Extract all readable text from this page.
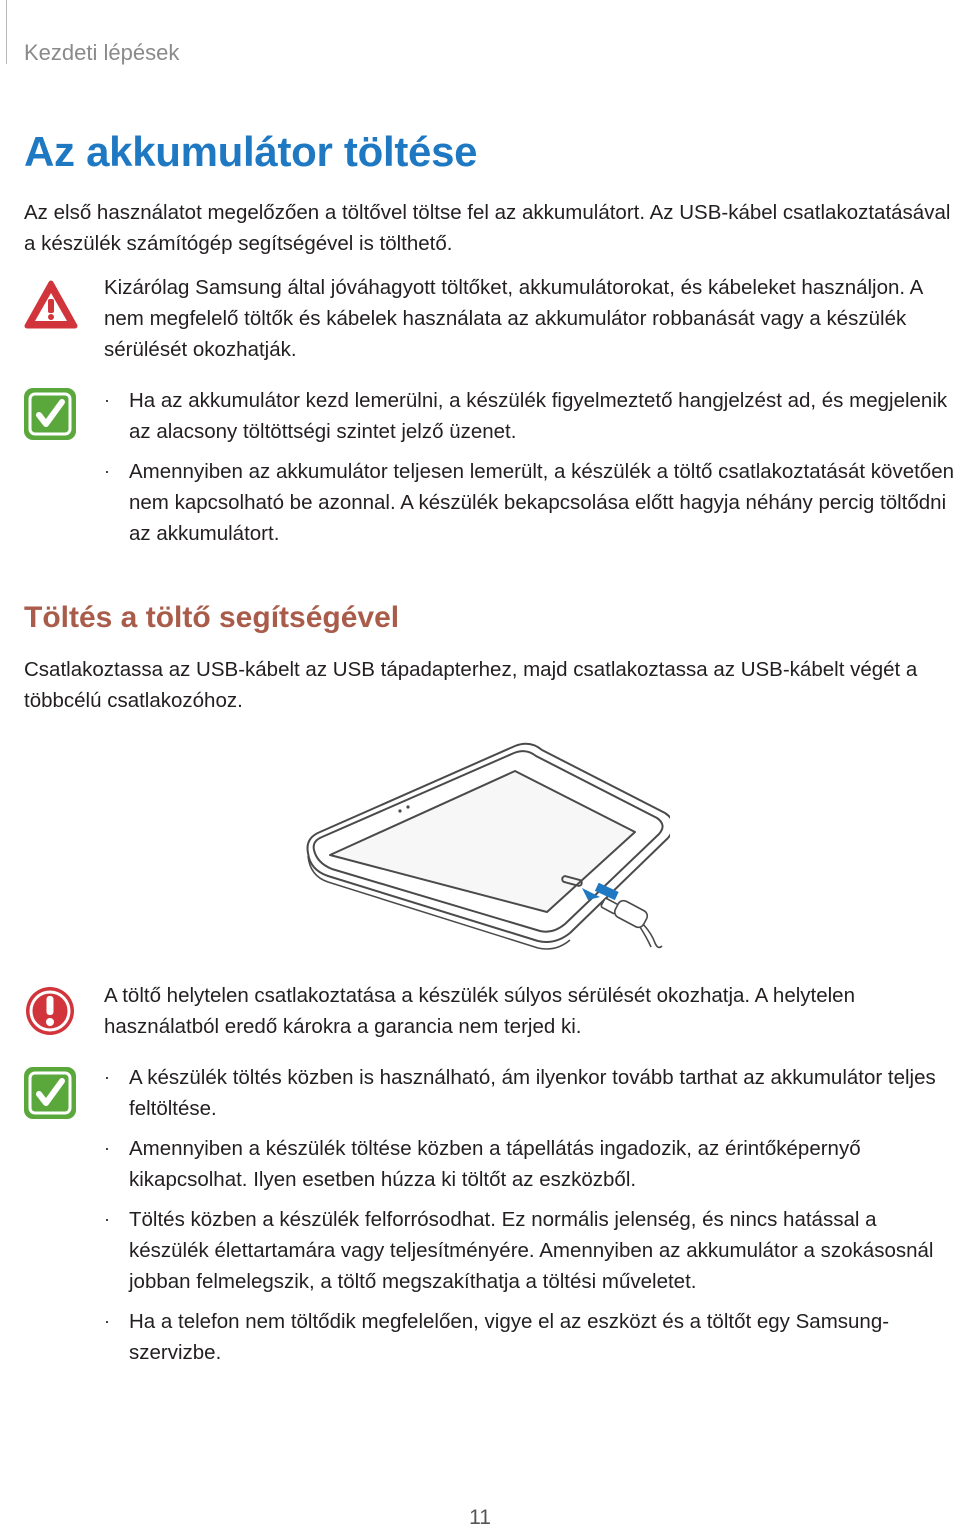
Kezdeti lépések
Az akkumulátor töltése

Az első használatot megelőzően a töltővel töltse fel az akkumulátort. Az USB-kábel csatlakoztatásával a készülék számítógép segítségével is tölthető.

Kizárólag Samsung által jóváhagyott töltőket, akkumulátorokat, és kábeleket használjon. A nem megfelelő töltők és kábelek használata az akkumulátor robbanását vagy a készülék sérülését okozhatják.

· Ha az akkumulátor kezd lemerülni, a készülék figyelmeztető hangjelzést ad, és megjelenik az alacsony töltöttségi szintet jelző üzenet.
· Amennyiben az akkumulátor teljesen lemerült, a készülék a töltő csatlakoztatását követően nem kapcsolható be azonnal. A készülék bekapcsolása előtt hagyja néhány percig töltődni az akkumulátort.
Töltés a töltő segítségével

Csatlakoztassa az USB-kábelt az USB tápadapterhez, majd csatlakoztassa az USB-kábelt végét a többcélú csatlakozóhoz.

A töltő helytelen csatlakoztatása a készülék súlyos sérülését okozhatja. A helytelen használatból eredő károkra a garancia nem terjed ki.

· A készülék töltés közben is használható, ám ilyenkor tovább tarthat az akkumulátor teljes feltöltése.
· Amennyiben a készülék töltése közben a tápellátás ingadozik, az érintőképernyő kikapcsolhat. Ilyen esetben húzza ki töltőt az eszközből.
· Töltés közben a készülék felforrósodhat. Ez normális jelenség, és nincs hatással a készülék élettartamára vagy teljesítményére. Amennyiben az akkumulátor a szokásosnál jobban felmelegszik, a töltő megszakíthatja a töltési műveletet.
· Ha a telefon nem töltődik megfelelően, vigye el az eszközt és a töltőt egy Samsung-szervizbe.
11
